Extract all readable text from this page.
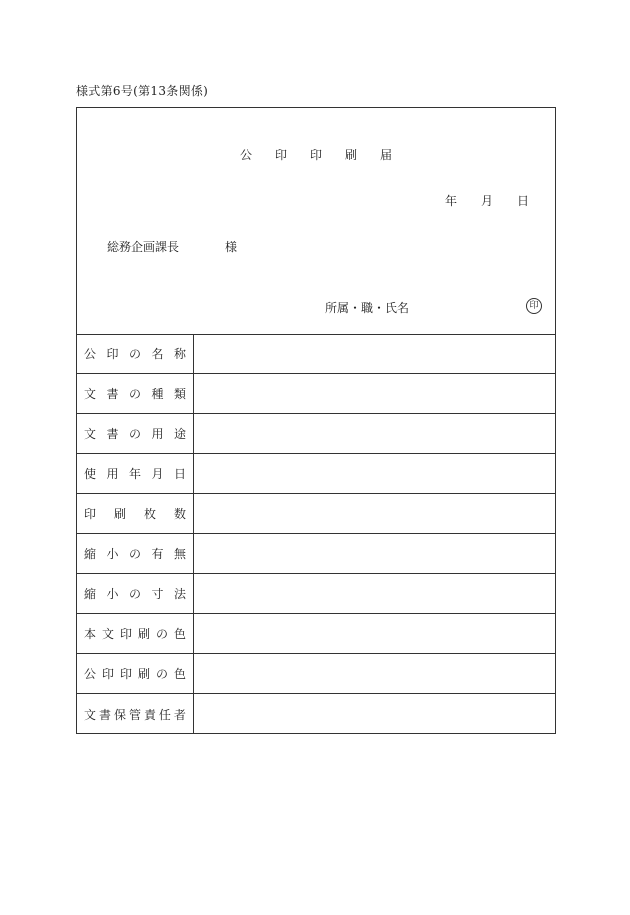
様式第6号(第13条関係)
公 印 印 刷 届
年 月 日
総務企画課長	様
所属・職・氏名	印
公 印 の 名 称
文 書 の 種 類
文 書 の 用 途
使 用 年 月 日
印 刷 枚 数
縮 小 の 有 無
縮 小 の 寸 法
本 文 印 刷 の 色
公 印 印 刷 の 色
文 書 保 管 責 任 者
